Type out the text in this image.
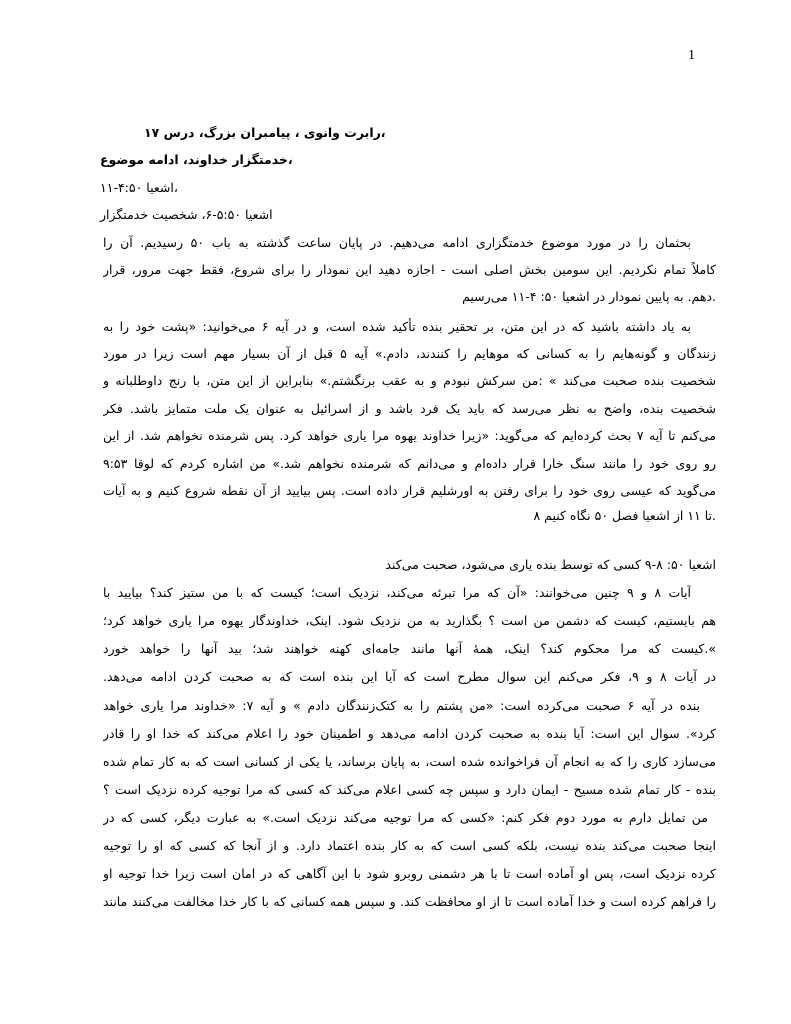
1
،رابرت وانوی ، پیامبران بزرگ، درس ۱۷
،خدمتگزار خداوند، ادامه موضوع
،اشعیا ۴:۵۰-۱۱
اشعیا ۵:۵۰-۶، شخصیت خدمتگزار
بحثمان را در مورد موضوع خدمتگزاری ادامه می‌دهیم. در پایان ساعت گذشته به باب ۵۰ رسیدیم. آن را
کاملاً تمام نکردیم. این سومین بخش اصلی است - اجازه دهید این نمودار را برای شروع، فقط جهت مرور، قرار
.دهم. به پایین نمودار در اشعیا ۵۰: ۴-۱۱ می‌رسیم
به یاد داشته باشید که در این متن، بر تحقیر بنده تأکید شده است، و در آیه ۶ می‌خوانید: «پشت خود را به
زنندگان و گونه‌هایم را به کسانی که موهایم را کنندند، دادم.» آیه ۵ قبل از آن بسیار مهم است زیرا در مورد
شخصیت بنده صحبت می‌کند » :من سرکش نبودم و به عقب برنگشتم.» بنابراین از این متن، با رنج داوطلبانه و
شخصیت بنده، واضح به نظر می‌رسد که باید یک فرد باشد و از اسرائیل به عنوان یک ملت متمایز باشد. فکر
می‌کنم تا آیه ۷ بحث کرده‌ایم که می‌گوید: «زیرا خداوند یهوه مرا یاری خواهد کرد. پس شرمنده نخواهم شد. از این
رو روی خود را مانند سنگ خارا قرار داده‌ام و می‌دانم که شرمنده نخواهم شد.» من اشاره کردم که لوقا ۹:۵۳
می‌گوید که عیسی روی خود را برای رفتن به اورشلیم قرار داده است. پس بیایید از آن نقطه شروع کنیم و به آیات
.تا ۱۱ از اشعیا فصل ۵۰ نگاه کنیم ۸
اشعیا ۵۰: ۸-۹ کسی که توسط بنده یاری می‌شود، صحبت می‌کند
آیات ۸ و ۹ چنین می‌خوانند: «آن که مرا تبرئه می‌کند، نزدیک است؛ کیست که با من ستیز کند؟ بیایید با
هم بایستیم، کیست که دشمن من است ؟ بگذارید به من نزدیک شود. اینک، خداوندگار یهوه مرا یاری خواهد کرد؛
».کیست که مرا محکوم کند؟ اینک، همهٔ آنها مانند جامه‌ای کهنه خواهند شد؛ بید آنها را خواهد خورد
در آیات ۸ و ۹، فکر می‌کنم این سوال مطرح است که آیا این بنده است که به صحبت کردن ادامه می‌دهد.
بنده در آیه ۶ صحبت می‌کرده است: «من پشتم را به کتک‌زنندگان دادم » و آیه ۷: «خداوند مرا یاری خواهد
کرد». سوال این است: آیا بنده به صحبت کردن ادامه می‌دهد و اطمینان خود را اعلام می‌کند که خدا او را قادر
می‌سازد کاری را که به انجام آن فراخوانده شده است، به پایان برساند، یا یکی از کسانی است که به کار تمام شده
بنده - کار تمام شده مسیح - ایمان دارد و سپس چه کسی اعلام می‌کند که کسی که مرا توجیه کرده نزدیک است ؟
من تمایل دارم به مورد دوم فکر کنم: «کسی که مرا توجیه می‌کند نزدیک است.» به عبارت دیگر، کسی که در
اینجا صحبت می‌کند بنده نیست، بلکه کسی است که به کار بنده اعتماد دارد. و از آنجا که کسی که او را توجیه
کرده نزدیک است، پس او آماده است تا با هر دشمنی روبرو شود با این آگاهی که در امان است زیرا خدا توجیه او
را فراهم کرده است و خدا آماده است تا از او محافظت کند. و سپس همه کسانی که با کار خدا مخالفت می‌کنند مانند
